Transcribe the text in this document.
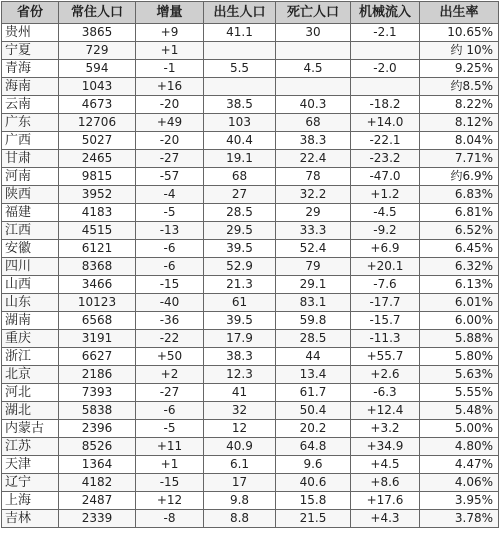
省份	常住人口	增量	出生人口	死亡人口	机械流入	出生率
贵州	3865	+9	41.1	30	-2.1	10.65%
宁夏	729	+1				约 10%
青海	594	-1	5.5	4.5	-2.0	9.25%
海南	1043	+16				约8.5%
云南	4673	-20	38.5	40.3	-18.2	8.22%
广东	12706	+49	103	68	+14.0	8.12%
广西	5027	-20	40.4	38.3	-22.1	8.04%
甘肃	2465	-27	19.1	22.4	-23.2	7.71%
河南	9815	-57	68	78	-47.0	约6.9%
陕西	3952	-4	27	32.2	+1.2	6.83%
福建	4183	-5	28.5	29	-4.5	6.81%
江西	4515	-13	29.5	33.3	-9.2	6.52%
安徽	6121	-6	39.5	52.4	+6.9	6.45%
四川	8368	-6	52.9	79	+20.1	6.32%
山西	3466	-15	21.3	29.1	-7.6	6.13%
山东	10123	-40	61	83.1	-17.7	6.01%
湖南	6568	-36	39.5	59.8	-15.7	6.00%
重庆	3191	-22	17.9	28.5	-11.3	5.88%
浙江	6627	+50	38.3	44	+55.7	5.80%
北京	2186	+2	12.3	13.4	+2.6	5.63%
河北	7393	-27	41	61.7	-6.3	5.55%
湖北	5838	-6	32	50.4	+12.4	5.48%
内蒙古	2396	-5	12	20.2	+3.2	5.00%
江苏	8526	+11	40.9	64.8	+34.9	4.80%
天津	1364	+1	6.1	9.6	+4.5	4.47%
辽宁	4182	-15	17	40.6	+8.6	4.06%
上海	2487	+12	9.8	15.8	+17.6	3.95%
吉林	2339	-8	8.8	21.5	+4.3	3.78%
